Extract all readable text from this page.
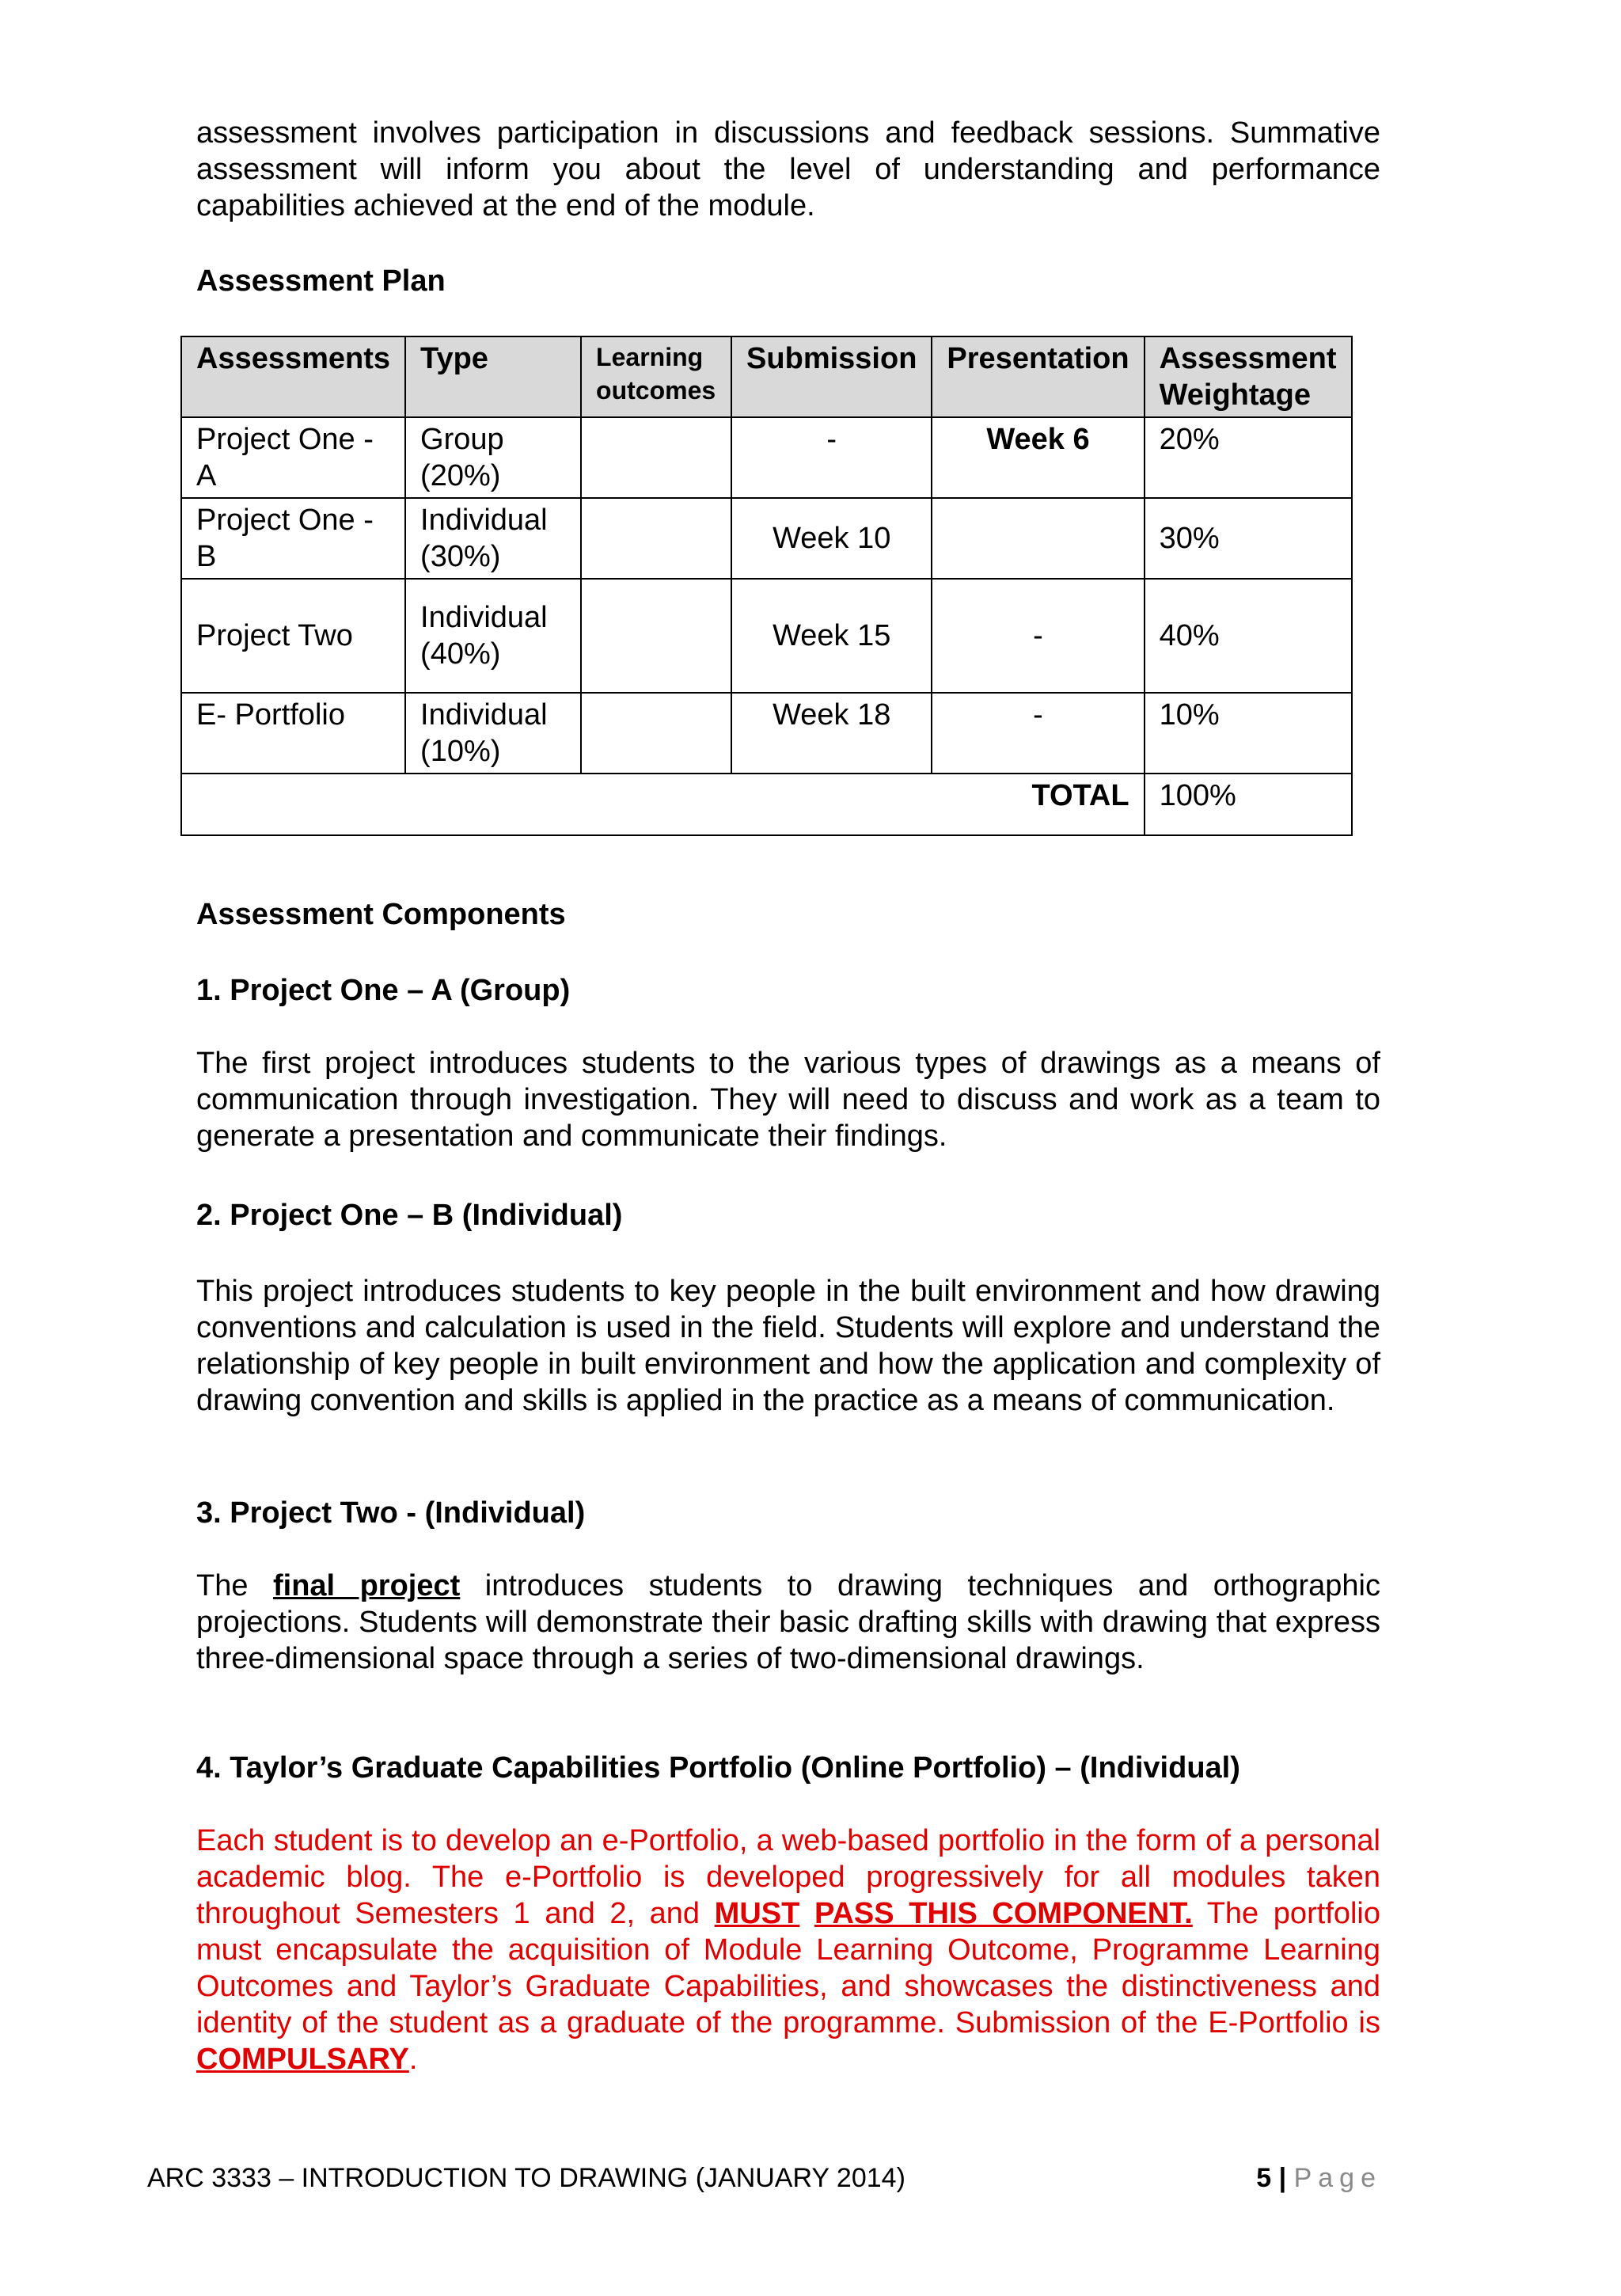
assessment involves participation in discussions and feedback sessions. Summative assessment will inform you about the level of understanding and performance capabilities achieved at the end of the module.

Assessment Plan

Assessments	Type	Learning outcomes	Submission	Presentation	Assessment Weightage
Project One - A	Group (20%)		-	Week 6	20%
Project One - B	Individual (30%)		Week 10		30%
Project Two	Individual (40%)		Week 15	-	40%
E- Portfolio	Individual (10%)		Week 18	-	10%
TOTAL					100%

Assessment Components

1. Project One – A (Group)

The first project introduces students to the various types of drawings as a means of communication through investigation. They will need to discuss and work as a team to generate a presentation and communicate their findings.

2. Project One – B (Individual)

This project introduces students to key people in the built environment and how drawing conventions and calculation is used in the field. Students will explore and understand the relationship of key people in built environment and how the application and complexity of drawing convention and skills is applied in the practice as a means of communication.

3. Project Two - (Individual)

The final project introduces students to drawing techniques and orthographic projections. Students will demonstrate their basic drafting skills with drawing that express three-dimensional space through a series of two-dimensional drawings.

4. Taylor’s Graduate Capabilities Portfolio (Online Portfolio) – (Individual)

Each student is to develop an e-Portfolio, a web-based portfolio in the form of a personal academic blog. The e-Portfolio is developed progressively for all modules taken throughout Semesters 1 and 2, and MUST PASS THIS COMPONENT. The portfolio must encapsulate the acquisition of Module Learning Outcome, Programme Learning Outcomes and Taylor’s Graduate Capabilities, and showcases the distinctiveness and identity of the student as a graduate of the programme. Submission of the E-Portfolio is COMPULSARY.

ARC 3333 – INTRODUCTION TO DRAWING (JANUARY 2014)	5 | Page
